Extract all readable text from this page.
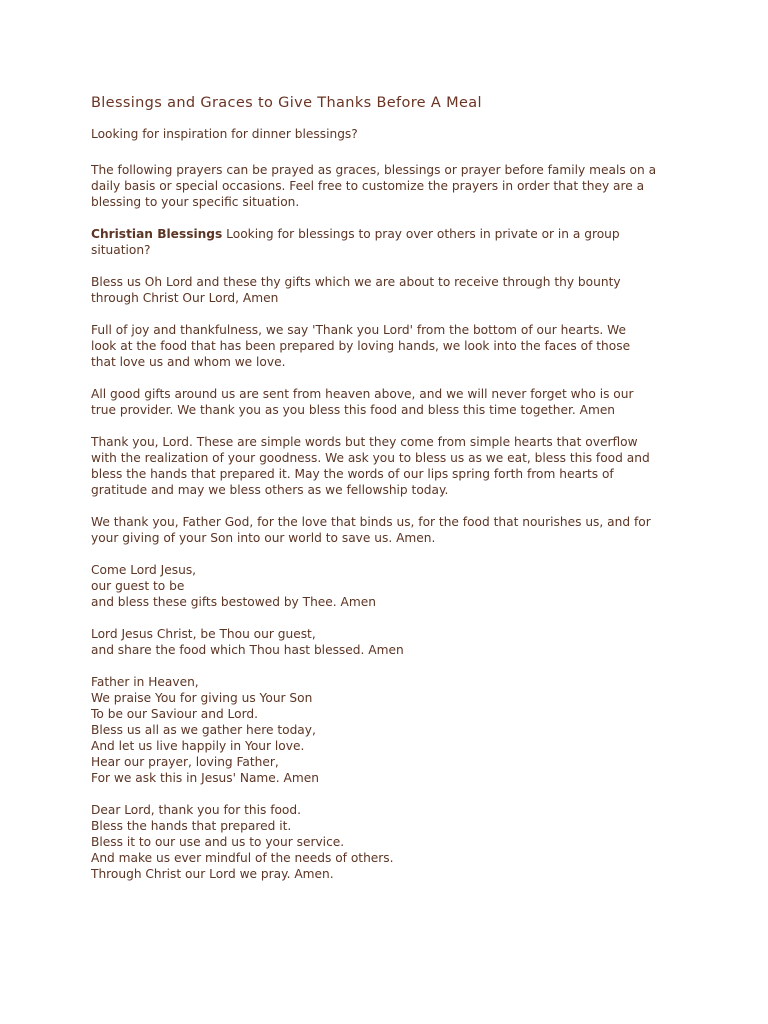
Blessings and Graces to Give Thanks Before A Meal

Looking for inspiration for dinner blessings?

The following prayers can be prayed as graces, blessings or prayer before family meals on a
daily basis or special occasions. Feel free to customize the prayers in order that they are a
blessing to your specific situation.

Christian Blessings Looking for blessings to pray over others in private or in a group
situation?

Bless us Oh Lord and these thy gifts which we are about to receive through thy bounty
through Christ Our Lord, Amen

Full of joy and thankfulness, we say 'Thank you Lord' from the bottom of our hearts. We
look at the food that has been prepared by loving hands, we look into the faces of those
that love us and whom we love.

All good gifts around us are sent from heaven above, and we will never forget who is our
true provider. We thank you as you bless this food and bless this time together. Amen

Thank you, Lord. These are simple words but they come from simple hearts that overflow
with the realization of your goodness. We ask you to bless us as we eat, bless this food and
bless the hands that prepared it. May the words of our lips spring forth from hearts of
gratitude and may we bless others as we fellowship today.

We thank you, Father God, for the love that binds us, for the food that nourishes us, and for
your giving of your Son into our world to save us. Amen.

Come Lord Jesus,
our guest to be
and bless these gifts bestowed by Thee. Amen

Lord Jesus Christ, be Thou our guest,
and share the food which Thou hast blessed. Amen

Father in Heaven,
We praise You for giving us Your Son
To be our Saviour and Lord.
Bless us all as we gather here today,
And let us live happily in Your love.
Hear our prayer, loving Father,
For we ask this in Jesus' Name. Amen

Dear Lord, thank you for this food.
Bless the hands that prepared it.
Bless it to our use and us to your service.
And make us ever mindful of the needs of others.
Through Christ our Lord we pray. Amen.
